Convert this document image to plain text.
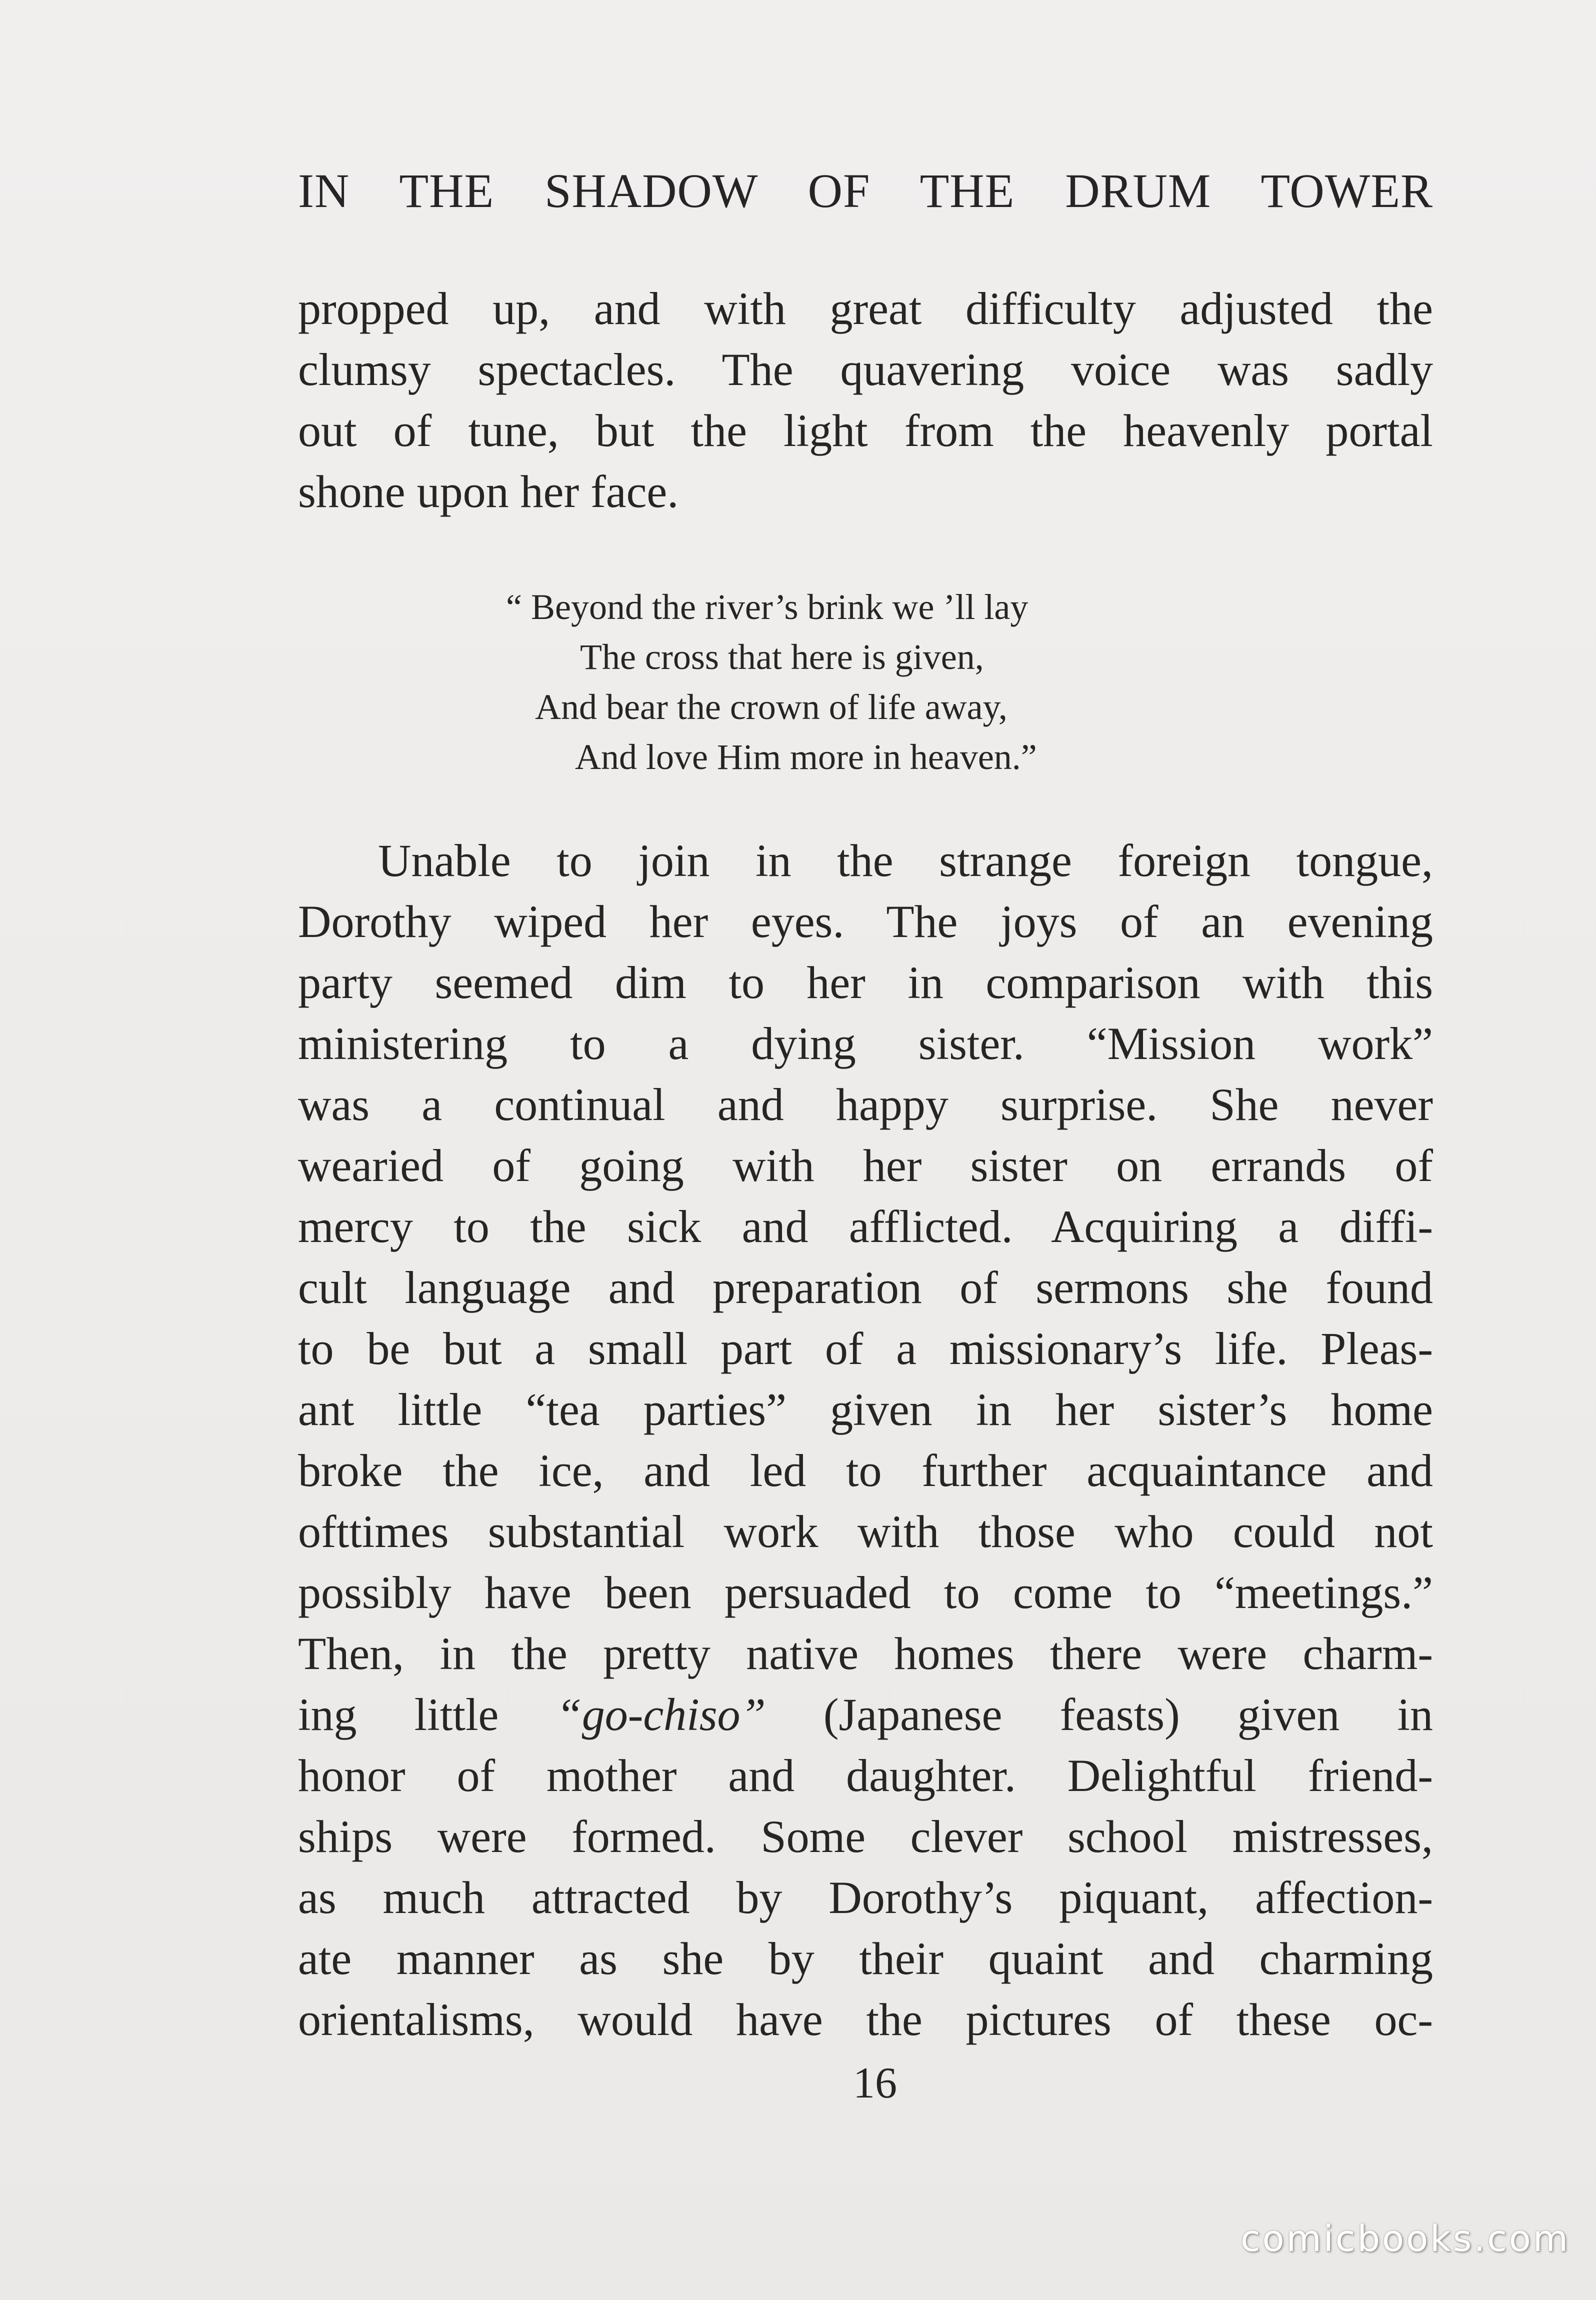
IN THE SHADOW OF THE DRUM TOWER
propped up, and with great difficulty adjusted the
clumsy spectacles. The quavering voice was sadly
out of tune, but the light from the heavenly portal
shone upon her face.
“ Beyond the river’s brink we ’ll lay
The cross that here is given,
And bear the crown of life away,
And love Him more in heaven.”
Unable to join in the strange foreign tongue,
Dorothy wiped her eyes. The joys of an evening
party seemed dim to her in comparison with this
ministering to a dying sister. “Mission work”
was a continual and happy surprise. She never
wearied of going with her sister on errands of
mercy to the sick and afflicted. Acquiring a diffi-
cult language and preparation of sermons she found
to be but a small part of a missionary’s life. Pleas-
ant little “tea parties” given in her sister’s home
broke the ice, and led to further acquaintance and
ofttimes substantial work with those who could not
possibly have been persuaded to come to “meetings.”
Then, in the pretty native homes there were charm-
ing little “go-chiso” (Japanese feasts) given in
honor of mother and daughter. Delightful friend-
ships were formed. Some clever school mistresses,
as much attracted by Dorothy’s piquant, affection-
ate manner as she by their quaint and charming
orientalisms, would have the pictures of these oc-
16
comicbooks.com
